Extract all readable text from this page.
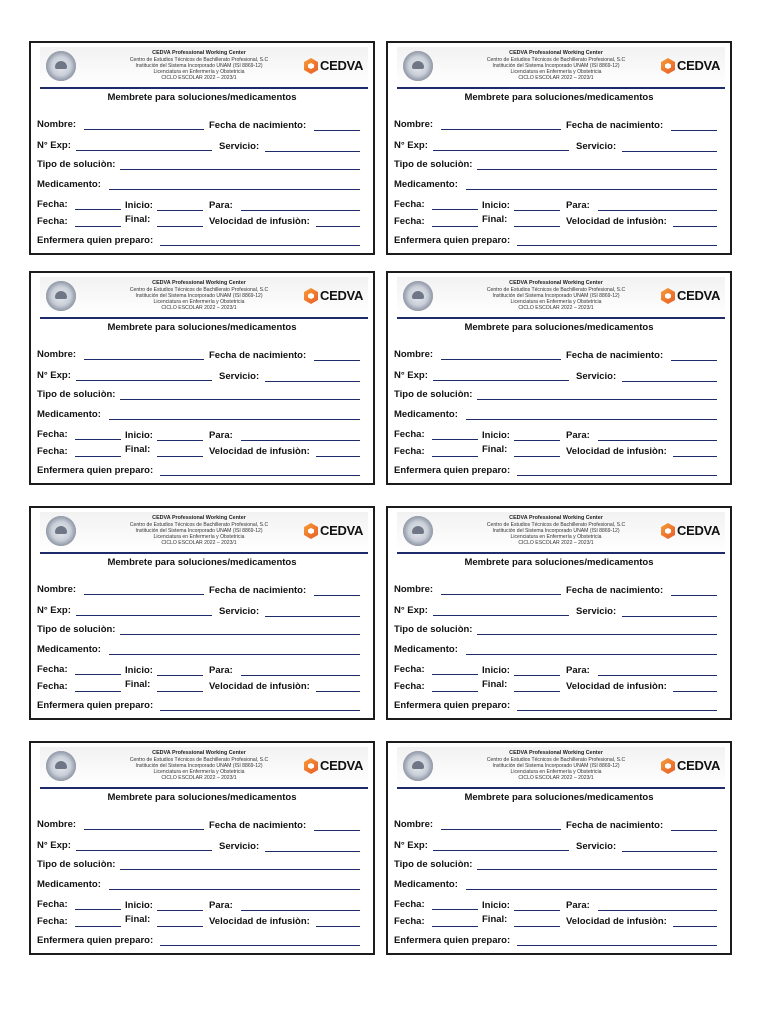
CEDVA Professional Working Center
Centro de Estudios Técnicos de Bachillerato Profesional, S.C
Institución del Sistema Incorporado UNAM (ISI 8869-12)
Licenciatura en Enfermería y Obstetricia
CICLO ESCOLAR 2022 – 2023/1
CEDVA
Membrete para soluciones/medicamentos
Nombre:	Fecha de nacimiento:
N° Exp:	Servicio:
Tipo de soluciòn:
Medicamento:
Fecha:	Inicio:	Para:
Fecha:	Final:	Velocidad de infusiòn:
Enfermera quien preparo:
CEDVA Professional Working Center
Centro de Estudios Técnicos de Bachillerato Profesional, S.C
Institución del Sistema Incorporado UNAM (ISI 8869-12)
Licenciatura en Enfermería y Obstetricia
CICLO ESCOLAR 2022 – 2023/1
CEDVA
Membrete para soluciones/medicamentos
Nombre:	Fecha de nacimiento:
N° Exp:	Servicio:
Tipo de soluciòn:
Medicamento:
Fecha:	Inicio:	Para:
Fecha:	Final:	Velocidad de infusiòn:
Enfermera quien preparo:
CEDVA Professional Working Center
Centro de Estudios Técnicos de Bachillerato Profesional, S.C
Institución del Sistema Incorporado UNAM (ISI 8869-12)
Licenciatura en Enfermería y Obstetricia
CICLO ESCOLAR 2022 – 2023/1
CEDVA
Membrete para soluciones/medicamentos
Nombre:	Fecha de nacimiento:
N° Exp:	Servicio:
Tipo de soluciòn:
Medicamento:
Fecha:	Inicio:	Para:
Fecha:	Final:	Velocidad de infusiòn:
Enfermera quien preparo:
CEDVA Professional Working Center
Centro de Estudios Técnicos de Bachillerato Profesional, S.C
Institución del Sistema Incorporado UNAM (ISI 8869-12)
Licenciatura en Enfermería y Obstetricia
CICLO ESCOLAR 2022 – 2023/1
CEDVA
Membrete para soluciones/medicamentos
Nombre:	Fecha de nacimiento:
N° Exp:	Servicio:
Tipo de soluciòn:
Medicamento:
Fecha:	Inicio:	Para:
Fecha:	Final:	Velocidad de infusiòn:
Enfermera quien preparo:
CEDVA Professional Working Center
Centro de Estudios Técnicos de Bachillerato Profesional, S.C
Institución del Sistema Incorporado UNAM (ISI 8869-12)
Licenciatura en Enfermería y Obstetricia
CICLO ESCOLAR 2022 – 2023/1
CEDVA
Membrete para soluciones/medicamentos
Nombre:	Fecha de nacimiento:
N° Exp:	Servicio:
Tipo de soluciòn:
Medicamento:
Fecha:	Inicio:	Para:
Fecha:	Final:	Velocidad de infusiòn:
Enfermera quien preparo:
CEDVA Professional Working Center
Centro de Estudios Técnicos de Bachillerato Profesional, S.C
Institución del Sistema Incorporado UNAM (ISI 8869-12)
Licenciatura en Enfermería y Obstetricia
CICLO ESCOLAR 2022 – 2023/1
CEDVA
Membrete para soluciones/medicamentos
Nombre:	Fecha de nacimiento:
N° Exp:	Servicio:
Tipo de soluciòn:
Medicamento:
Fecha:	Inicio:	Para:
Fecha:	Final:	Velocidad de infusiòn:
Enfermera quien preparo:
CEDVA Professional Working Center
Centro de Estudios Técnicos de Bachillerato Profesional, S.C
Institución del Sistema Incorporado UNAM (ISI 8869-12)
Licenciatura en Enfermería y Obstetricia
CICLO ESCOLAR 2022 – 2023/1
CEDVA
Membrete para soluciones/medicamentos
Nombre:	Fecha de nacimiento:
N° Exp:	Servicio:
Tipo de soluciòn:
Medicamento:
Fecha:	Inicio:	Para:
Fecha:	Final:	Velocidad de infusiòn:
Enfermera quien preparo:
CEDVA Professional Working Center
Centro de Estudios Técnicos de Bachillerato Profesional, S.C
Institución del Sistema Incorporado UNAM (ISI 8869-12)
Licenciatura en Enfermería y Obstetricia
CICLO ESCOLAR 2022 – 2023/1
CEDVA
Membrete para soluciones/medicamentos
Nombre:	Fecha de nacimiento:
N° Exp:	Servicio:
Tipo de soluciòn:
Medicamento:
Fecha:	Inicio:	Para:
Fecha:	Final:	Velocidad de infusiòn:
Enfermera quien preparo:
